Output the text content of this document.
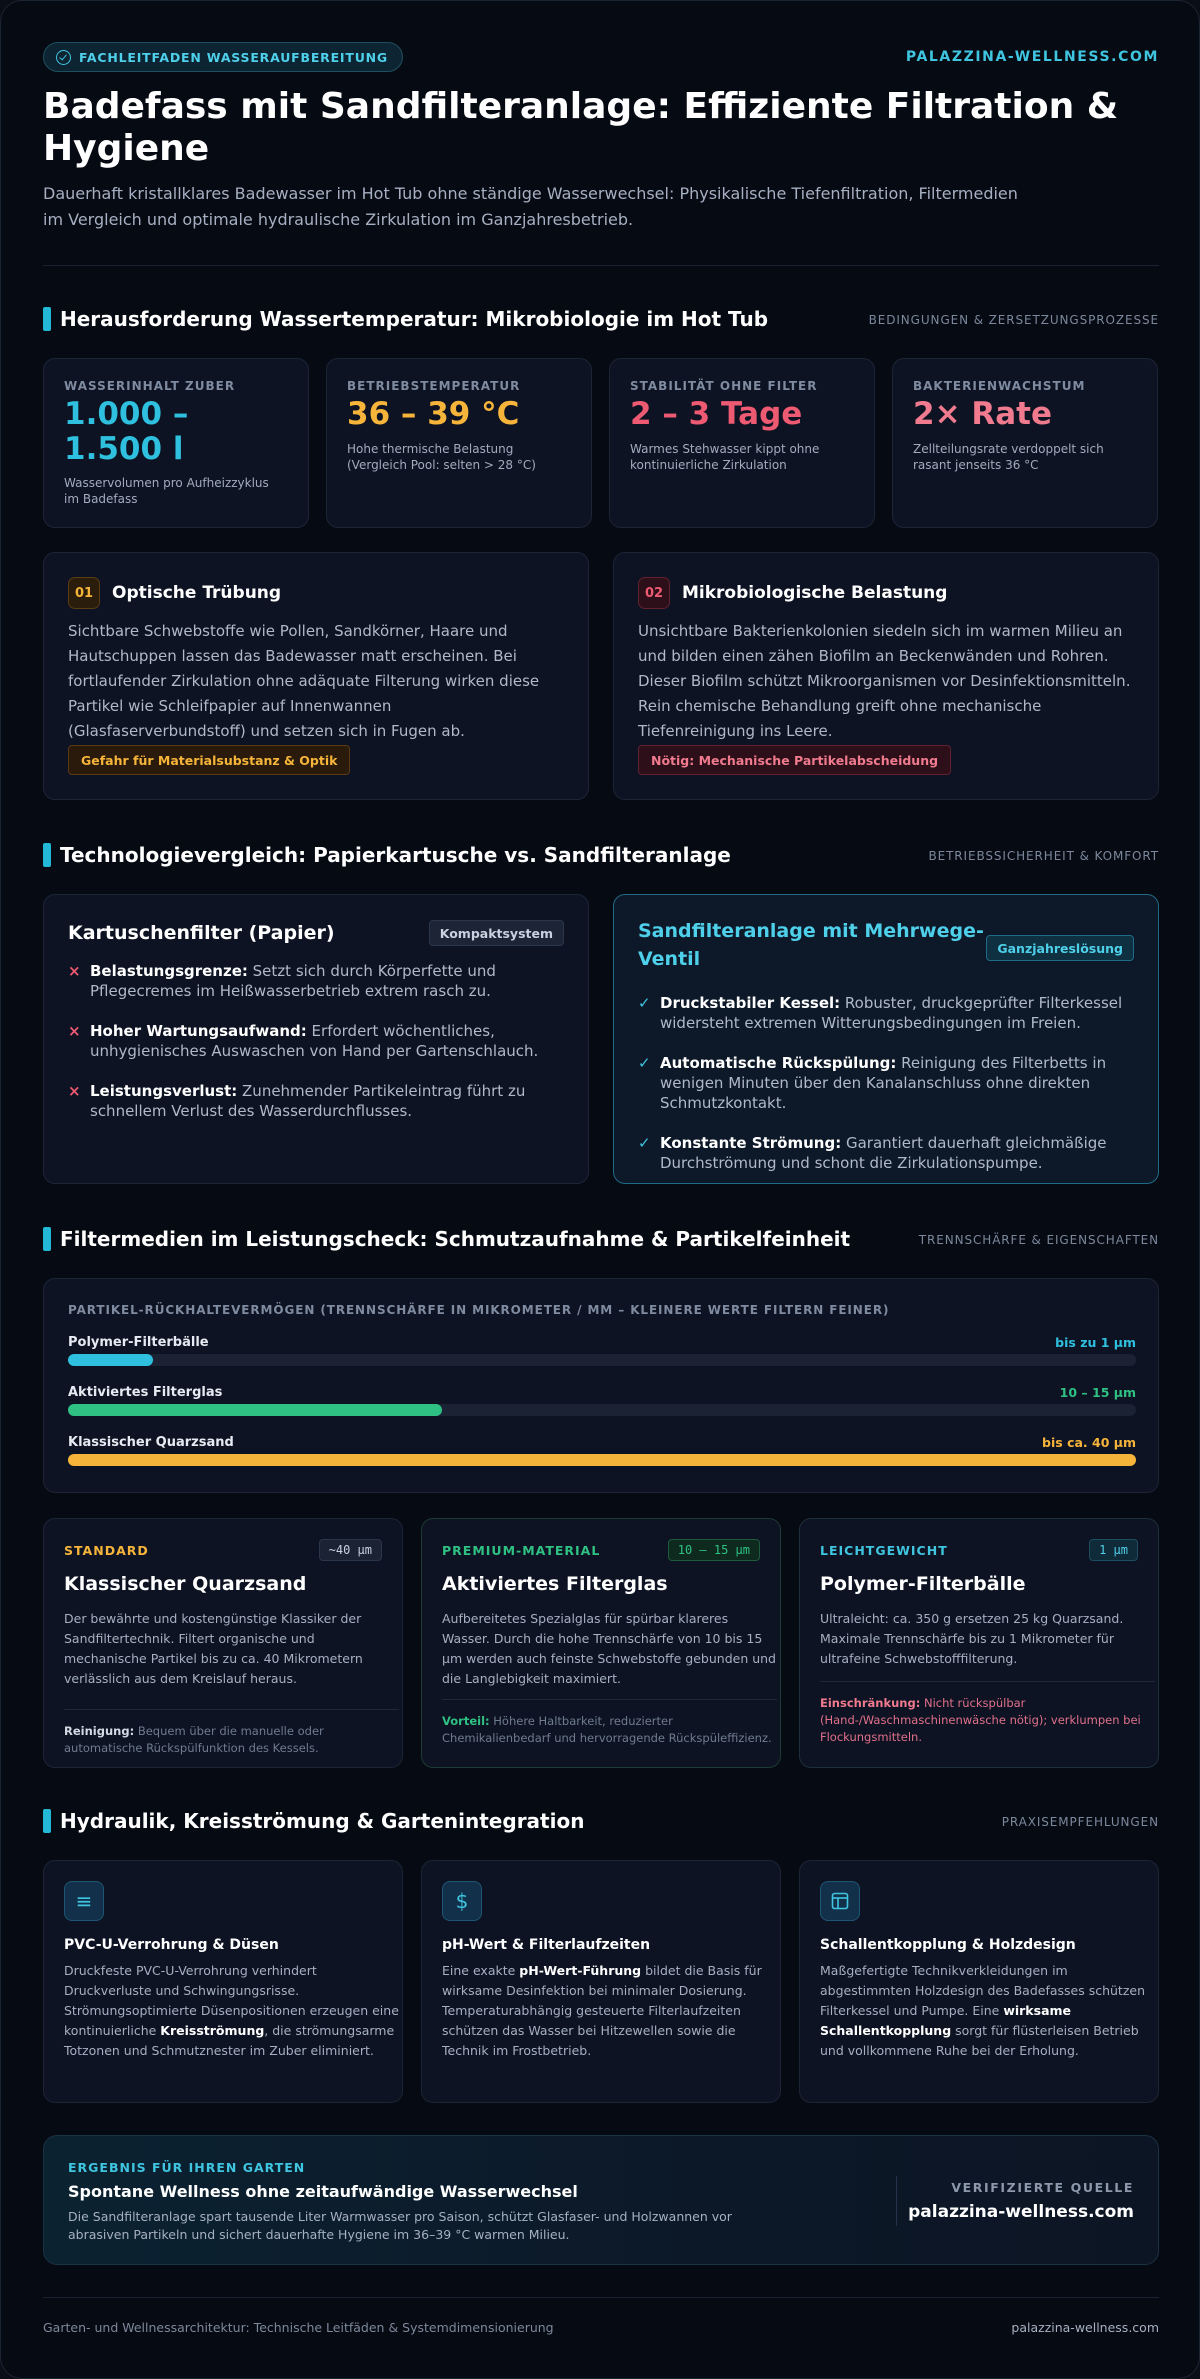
FACHLEITFADEN WASSERAUFBEREITUNG	PALAZZINA-WELLNESS.COM
Badefass mit Sandfilteranlage: Effiziente Filtration & Hygiene

Dauerhaft kristallklares Badewasser im Hot Tub ohne ständige Wasserwechsel: Physikalische Tiefenfiltration, Filtermedien im Vergleich und optimale hydraulische Zirkulation im Ganzjahresbetrieb.

Herausforderung Wassertemperatur: Mikrobiologie im Hot Tub	BEDINGUNGEN & ZERSETZUNGSPROZESSE
WASSERINHALT ZUBER
1.000 – 1.500 l
Wasservolumen pro Aufheizzyklus im Badefass
BETRIEBSTEMPERATUR
36 – 39 °C
Hohe thermische Belastung (Vergleich Pool: selten > 28 °C)
STABILITÄT OHNE FILTER
2 – 3 Tage
Warmes Stehwasser kippt ohne kontinuierliche Zirkulation
BAKTERIENWACHSTUM
2× Rate
Zellteilungsrate verdoppelt sich rasant jenseits 36 °C
01	Optische Trübung
Sichtbare Schwebstoffe wie Pollen, Sandkörner, Haare und Hautschuppen lassen das Badewasser matt erscheinen. Bei fortlaufender Zirkulation ohne adäquate Filterung wirken diese Partikel wie Schleifpapier auf Innenwannen (Glasfaserverbundstoff) und setzen sich in Fugen ab.
Gefahr für Materialsubstanz & Optik
02	Mikrobiologische Belastung
Unsichtbare Bakterienkolonien siedeln sich im warmen Milieu an und bilden einen zähen Biofilm an Beckenwänden und Rohren. Dieser Biofilm schützt Mikroorganismen vor Desinfektionsmitteln. Rein chemische Behandlung greift ohne mechanische Tiefenreinigung ins Leere.
Nötig: Mechanische Partikelabscheidung
Technologievergleich: Papierkartusche vs. Sandfilteranlage	BETRIEBSSICHERHEIT & KOMFORT
Kartuschenfilter (Papier)	Kompaktsystem
× Belastungsgrenze: Setzt sich durch Körperfette und Pflegecremes im Heißwasserbetrieb extrem rasch zu.
× Hoher Wartungsaufwand: Erfordert wöchentliches, unhygienisches Auswaschen von Hand per Gartenschlauch.
× Leistungsverlust: Zunehmender Partikeleintrag führt zu schnellem Verlust des Wasserdurchflusses.
Sandfilteranlage mit Mehrwege-Ventil	Ganzjahreslösung
✓ Druckstabiler Kessel: Robuster, druckgeprüfter Filterkessel widersteht extremen Witterungsbedingungen im Freien.
✓ Automatische Rückspülung: Reinigung des Filterbetts in wenigen Minuten über den Kanalanschluss ohne direkten Schmutzkontakt.
✓ Konstante Strömung: Garantiert dauerhaft gleichmäßige Durchströmung und schont die Zirkulationspumpe.
Filtermedien im Leistungscheck: Schmutzaufnahme & Partikelfeinheit	TRENNSCHÄRFE & EIGENSCHAFTEN
PARTIKEL-RÜCKHALTEVERMÖGEN (TRENNSCHÄRFE IN MIKROMETER / MM – KLEINERE WERTE FILTERN FEINER)
Polymer-Filterbälle	bis zu 1 µm
Aktiviertes Filterglas	10 – 15 µm
Klassischer Quarzsand	bis ca. 40 µm
STANDARD	~40 µm
Klassischer Quarzsand
Der bewährte und kostengünstige Klassiker der Sandfiltertechnik. Filtert organische und mechanische Partikel bis zu ca. 40 Mikrometern verlässlich aus dem Kreislauf heraus.
Reinigung: Bequem über die manuelle oder automatische Rückspülfunktion des Kessels.
PREMIUM-MATERIAL	10 – 15 µm
Aktiviertes Filterglas
Aufbereitetes Spezialglas für spürbar klareres Wasser. Durch die hohe Trennschärfe von 10 bis 15 µm werden auch feinste Schwebstoffe gebunden und die Langlebigkeit maximiert.
Vorteil: Höhere Haltbarkeit, reduzierter Chemikalienbedarf und hervorragende Rückspüleffizienz.
LEICHTGEWICHT	1 µm
Polymer-Filterbälle
Ultraleicht: ca. 350 g ersetzen 25 kg Quarzsand. Maximale Trennschärfe bis zu 1 Mikrometer für ultrafeine Schwebstofffilterung.
Einschränkung: Nicht rückspülbar (Hand-/Waschmaschinenwäsche nötig); verklumpen bei Flockungsmitteln.
Hydraulik, Kreisströmung & Gartenintegration	PRAXISEMPFEHLUNGEN
≡
PVC-U-Verrohrung & Düsen
Druckfeste PVC-U-Verrohrung verhindert Druckverluste und Schwingungsrisse. Strömungsoptimierte Düsenpositionen erzeugen eine kontinuierliche Kreisströmung, die strömungsarme Totzonen und Schmutznester im Zuber eliminiert.
$
pH-Wert & Filterlaufzeiten
Eine exakte pH-Wert-Führung bildet die Basis für wirksame Desinfektion bei minimaler Dosierung. Temperaturabhängig gesteuerte Filterlaufzeiten schützen das Wasser bei Hitzewellen sowie die Technik im Frostbetrieb.
Schallentkopplung & Holzdesign
Maßgefertigte Technikverkleidungen im abgestimmten Holzdesign des Badefasses schützen Filterkessel und Pumpe. Eine wirksame Schallentkopplung sorgt für flüsterleisen Betrieb und vollkommene Ruhe bei der Erholung.
ERGEBNIS FÜR IHREN GARTEN
Spontane Wellness ohne zeitaufwändige Wasserwechsel
Die Sandfilteranlage spart tausende Liter Warmwasser pro Saison, schützt Glasfaser- und Holzwannen vor abrasiven Partikeln und sichert dauerhafte Hygiene im 36–39 °C warmen Milieu.
VERIFIZIERTE QUELLE
palazzina-wellness.com
Garten- und Wellnessarchitektur: Technische Leitfäden & Systemdimensionierung	palazzina-wellness.com
